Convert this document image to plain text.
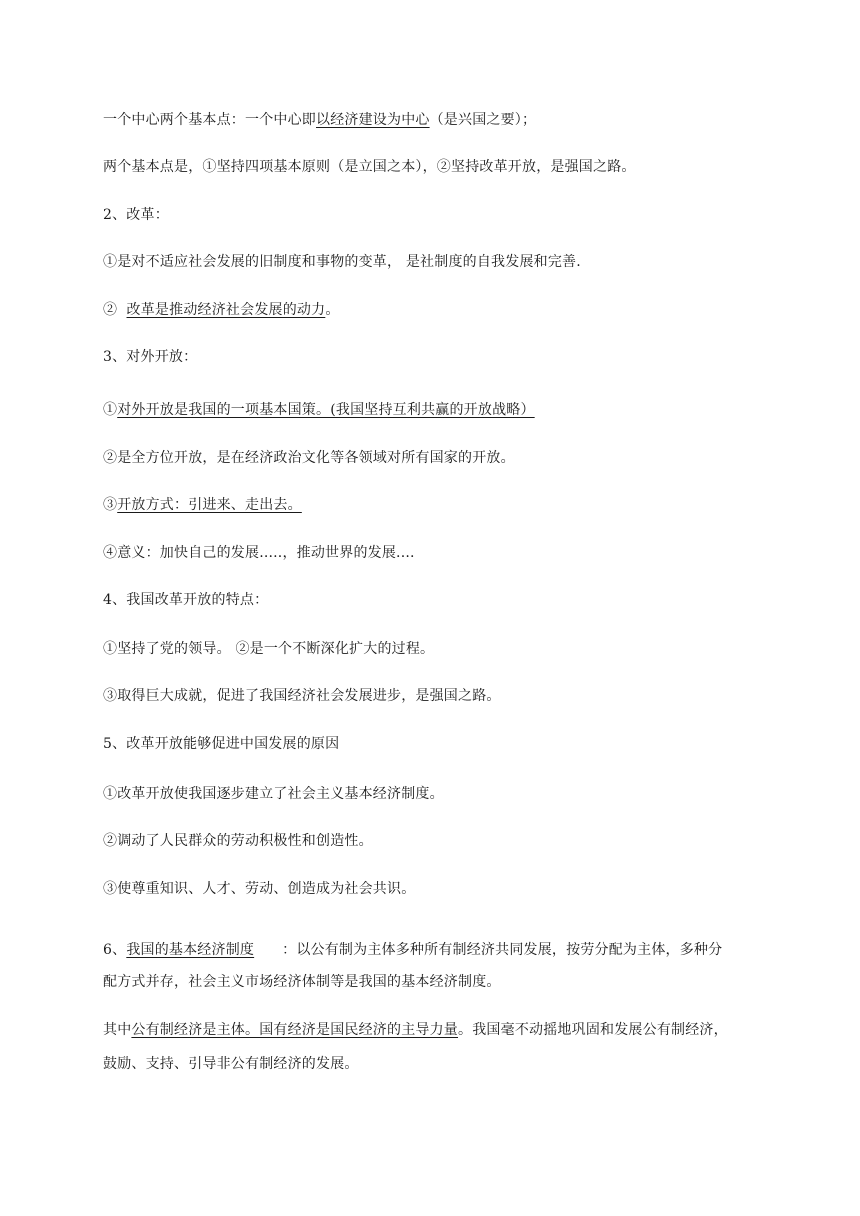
一个中心两个基本点：一个中心即以经济建设为中心（是兴国之要）；
两个基本点是，①坚持四项基本原则（是立国之本），②坚持改革开放，是强国之路。
2、改革：
①是对不适应社会发展的旧制度和事物的变革， 是社制度的自我发展和完善.
②  改革是推动经济社会发展的动力。
3、对外开放：
①对外开放是我国的一项基本国策。(我国坚持互利共赢的开放战略）
②是全方位开放，是在经济政治文化等各领域对所有国家的开放。
③开放方式：引进来、走出去。
④意义：加快自己的发展.....，推动世界的发展....
4、我国改革开放的特点：
①坚持了党的领导。 ②是一个不断深化扩大的过程。
③取得巨大成就，促进了我国经济社会发展进步，是强国之路。
5、改革开放能够促进中国发展的原因
①改革开放使我国逐步建立了社会主义基本经济制度。
②调动了人民群众的劳动积极性和创造性。
③使尊重知识、人才、劳动、创造成为社会共识。
6、我国的基本经济制度 ：以公有制为主体多种所有制经济共同发展，按劳分配为主体，多种分
配方式并存，社会主义市场经济体制等是我国的基本经济制度。
其中公有制经济是主体。国有经济是国民经济的主导力量。我国毫不动摇地巩固和发展公有制经济，
鼓励、支持、引导非公有制经济的发展。
